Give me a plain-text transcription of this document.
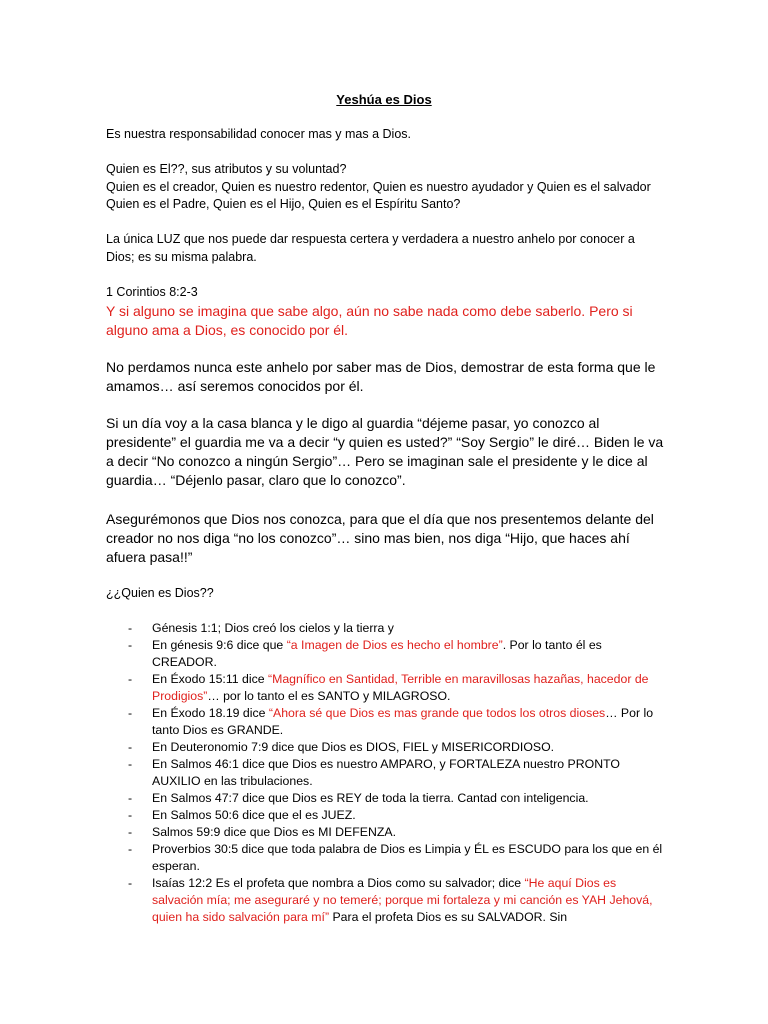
Yeshúa es Dios
Es nuestra responsabilidad conocer mas y mas a Dios.
Quien es El??, sus atributos y su voluntad?
Quien es el creador, Quien es nuestro redentor, Quien es nuestro ayudador y Quien es el salvador
Quien es el Padre, Quien es el Hijo, Quien es el Espíritu Santo?
La única LUZ que nos puede dar respuesta certera y verdadera a nuestro anhelo por conocer a Dios; es su misma palabra.
1 Corintios 8:2-3
Y si alguno se imagina que sabe algo, aún no sabe nada como debe saberlo. Pero si alguno ama a Dios, es conocido por él.
No perdamos nunca este anhelo por saber mas de Dios, demostrar de esta forma que le amamos… así seremos conocidos por él.
Si un día voy a la casa blanca y le digo al guardia “déjeme pasar, yo conozco al presidente” el guardia me va a decir “y quien es usted?” “Soy Sergio” le diré… Biden le va a decir “No conozco a ningún Sergio”… Pero se imaginan sale el presidente y le dice al guardia… “Déjenlo pasar, claro que lo conozco”.
Asegurémonos que Dios nos conozca, para que el día que nos presentemos delante del creador no nos diga “no los conozco”… sino mas bien, nos diga “Hijo, que haces ahí afuera pasa!!”
¿¿Quien es Dios??
- Génesis 1:1; Dios creó los cielos y la tierra y
- En génesis 9:6 dice que “a Imagen de Dios es hecho el hombre”. Por lo tanto él es CREADOR.
- En Éxodo 15:11 dice “Magnífico en Santidad, Terrible en maravillosas hazañas, hacedor de Prodigios”… por lo tanto el es SANTO y MILAGROSO.
- En Éxodo 18.19 dice “Ahora sé que Dios es mas grande que todos los otros dioses… Por lo tanto Dios es GRANDE.
- En Deuteronomio 7:9 dice que Dios es DIOS, FIEL y MISERICORDIOSO.
- En Salmos 46:1 dice que Dios es nuestro AMPARO, y FORTALEZA nuestro PRONTO AUXILIO en las tribulaciones.
- En Salmos 47:7 dice que Dios es REY de toda la tierra. Cantad con inteligencia.
- En Salmos 50:6 dice que el es JUEZ.
- Salmos 59:9 dice que Dios es MI DEFENZA.
- Proverbios 30:5 dice que toda palabra de Dios es Limpia y ÉL es ESCUDO para los que en él esperan.
- Isaías 12:2 Es el profeta que nombra a Dios como su salvador; dice “He aquí Dios es salvación mía; me aseguraré y no temeré; porque mi fortaleza y mi canción es YAH Jehová, quien ha sido salvación para mí” Para el profeta Dios es su SALVADOR. Sin
